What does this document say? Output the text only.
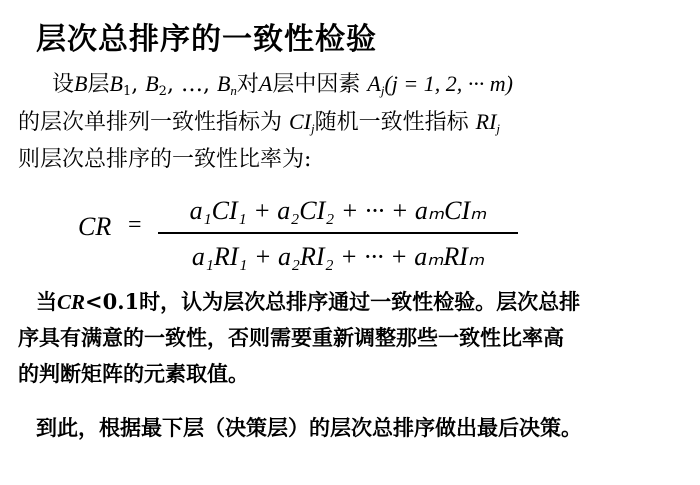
层次总排序的一致性检验
设B层$B_1$, $B_2$, …, $B_n$对A层中因素 $A_j(j = 1$, 2, ··· m)
的层次单排列一致性指标为 $CI_j$随机一致性指标 $RI_j$
则层次总排序的一致性比率为:
CR =	a₁CI₁ + a₂CI₂ + ··· + aₘCIₘ
a₁RI₁ + a₂RI₂ + ··· + aₘRIₘ
当CR<0.1时，认为层次总排序通过一致性检验。层次总排
序具有满意的一致性，否则需要重新调整那些一致性比率高
的判断矩阵的元素取值。
到此，根据最下层（决策层）的层次总排序做出最后决策。
